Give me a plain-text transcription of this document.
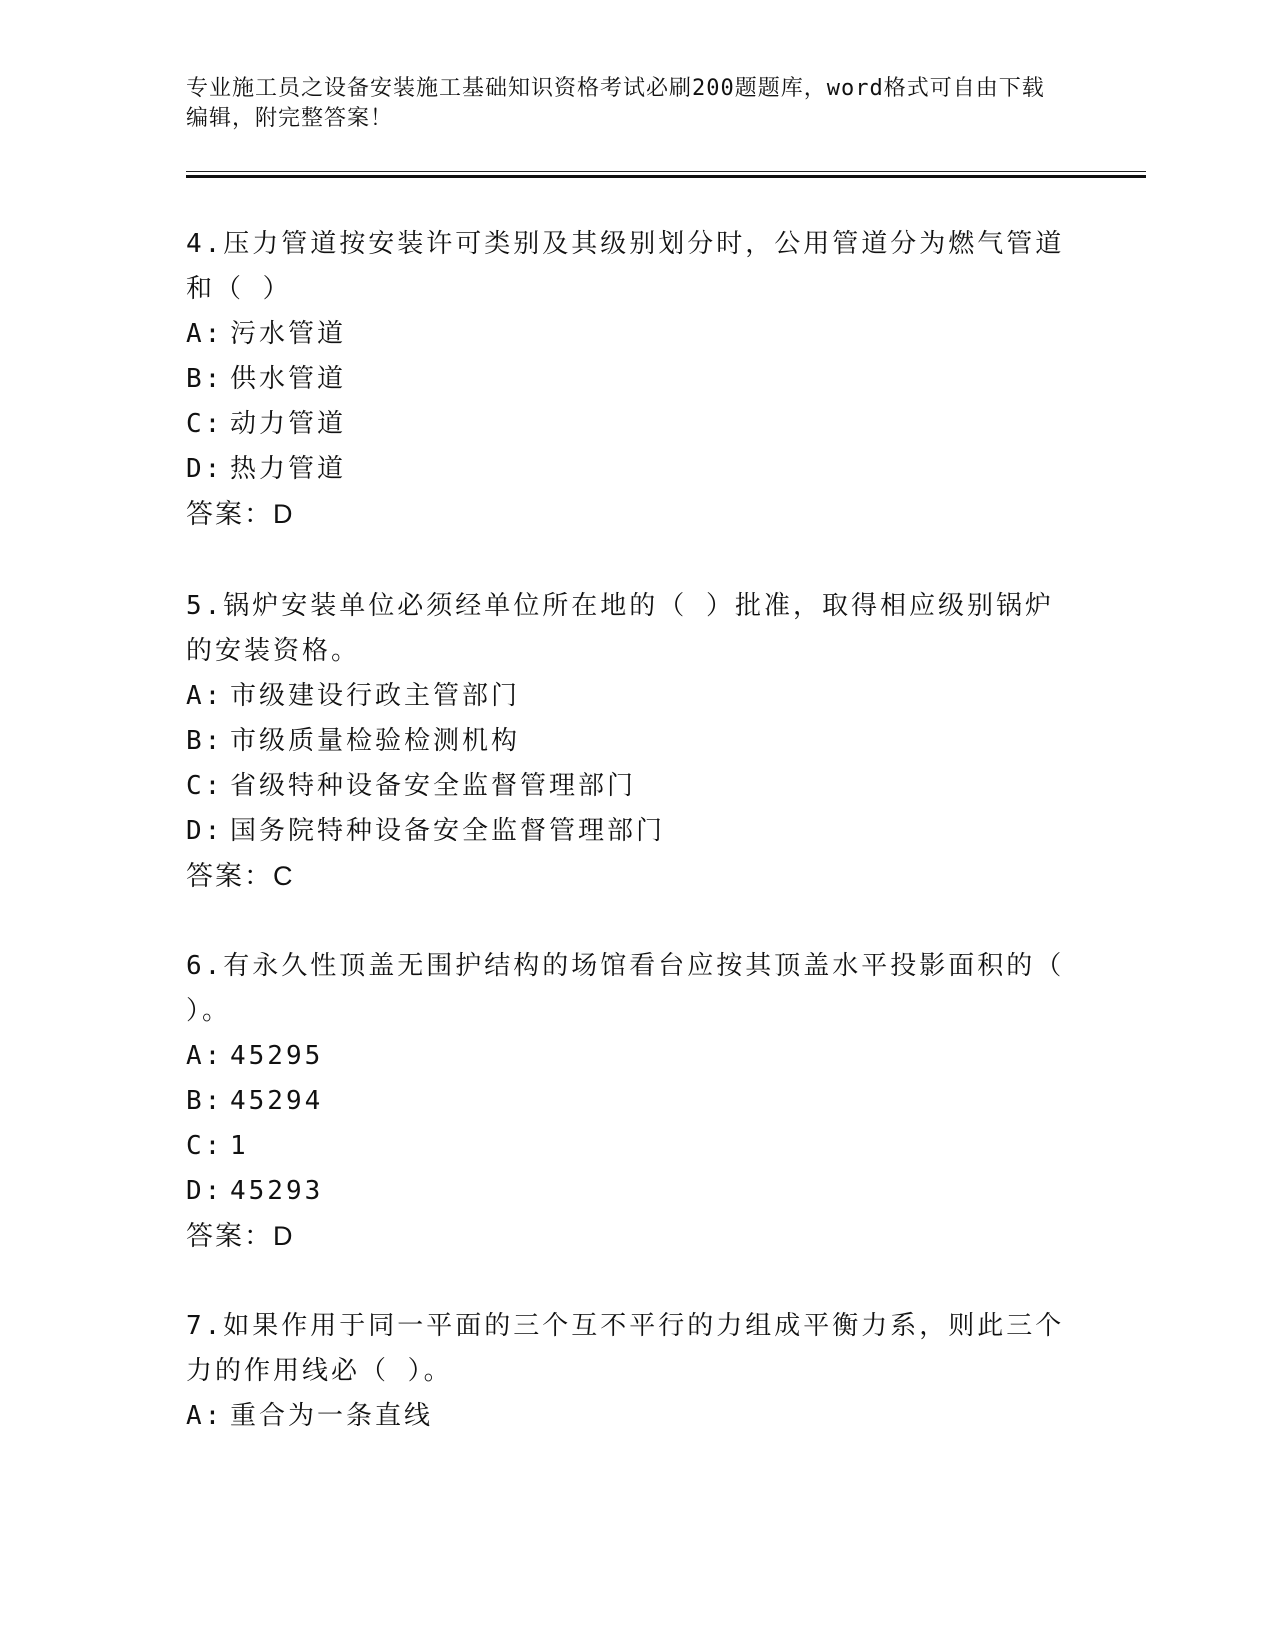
专业施工员之设备安装施工基础知识资格考试必刷200题题库，word格式可自由下载编辑，附完整答案！

4.压力管道按安装许可类别及其级别划分时，公用管道分为燃气管道和（ ）

A: 污水管道
B: 供水管道
C: 动力管道
D: 热力管道

答案：D

5.锅炉安装单位必须经单位所在地的（ ）批准，取得相应级别锅炉的安装资格。

A: 市级建设行政主管部门
B: 市级质量检验检测机构
C: 省级特种设备安全监督管理部门
D: 国务院特种设备安全监督管理部门

答案：C

6.有永久性顶盖无围护结构的场馆看台应按其顶盖水平投影面积的（ ）。

A: 45295
B: 45294
C: 1
D: 45293

答案：D

7.如果作用于同一平面的三个互不平行的力组成平衡力系，则此三个力的作用线必（ ）。

A: 重合为一条直线
